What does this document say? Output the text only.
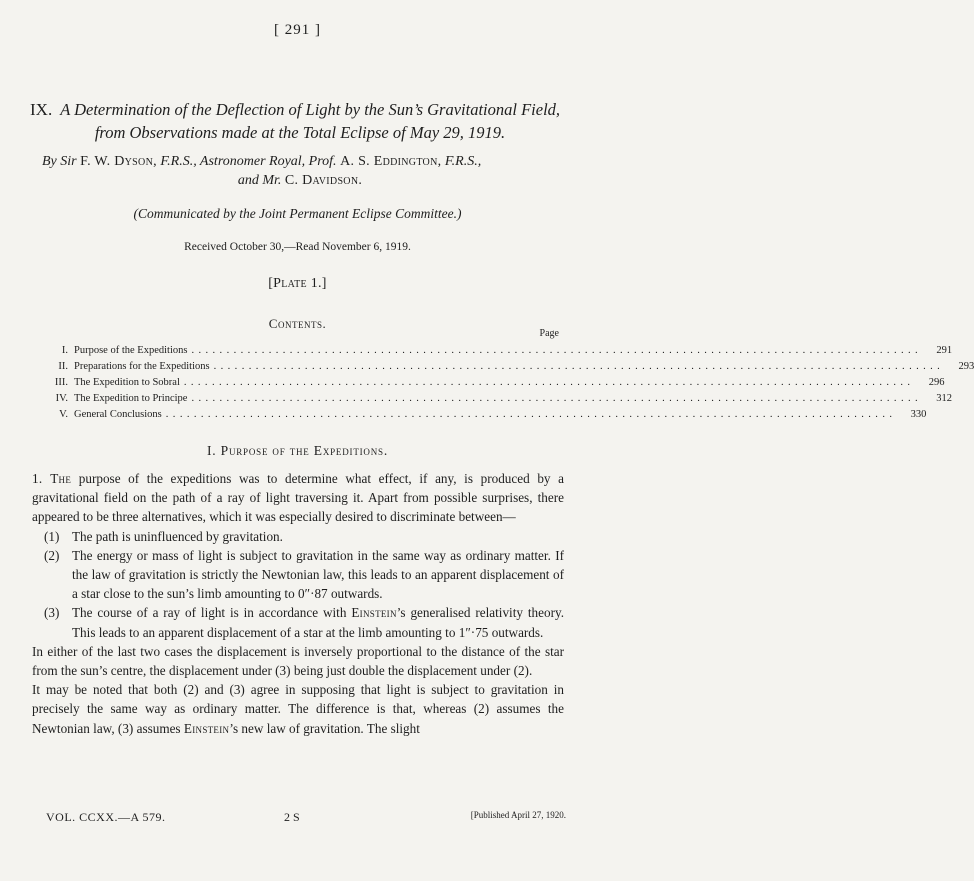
[ 291 ]
IX. A Determination of the Deflection of Light by the Sun’s Gravitational Field,
from Observations made at the Total Eclipse of May 29, 1919.
By Sir F. W. Dyson, F.R.S., Astronomer Royal, Prof. A. S. Eddington, F.R.S.,
and Mr. C. Davidson.
(Communicated by the Joint Permanent Eclipse Committee.)
Received October 30,—Read November 6, 1919.
[Plate 1.]
Contents.
Page
I. Purpose of the Expeditions ........................................................................................................	291
II. Preparations for the Expeditions ........................................................................................................	293
III. The Expedition to Sobral ........................................................................................................	296
IV. The Expedition to Principe ........................................................................................................	312
V. General Conclusions ........................................................................................................	330
I. Purpose of the Expeditions.

1. The purpose of the expeditions was to determine what effect, if any, is produced by a gravitational field on the path of a ray of light traversing it. Apart from possible surprises, there appeared to be three alternatives, which it was especially desired to discriminate between—

(1) The path is uninfluenced by gravitation.
(2) The energy or mass of light is subject to gravitation in the same way as ordinary matter. If the law of gravitation is strictly the Newtonian law, this leads to an apparent displacement of a star close to the sun’s limb amounting to 0″·87 outwards.
(3) The course of a ray of light is in accordance with Einstein’s generalised relativity theory. This leads to an apparent displacement of a star at the limb amounting to 1″·75 outwards.

In either of the last two cases the displacement is inversely proportional to the distance of the star from the sun’s centre, the displacement under (3) being just double the displacement under (2).

It may be noted that both (2) and (3) agree in supposing that light is subject to gravitation in precisely the same way as ordinary matter. The difference is that, whereas (2) assumes the Newtonian law, (3) assumes Einstein’s new law of gravitation. The slight

VOL. CCXX.—A 579.	2 S	[Published April 27, 1920.
